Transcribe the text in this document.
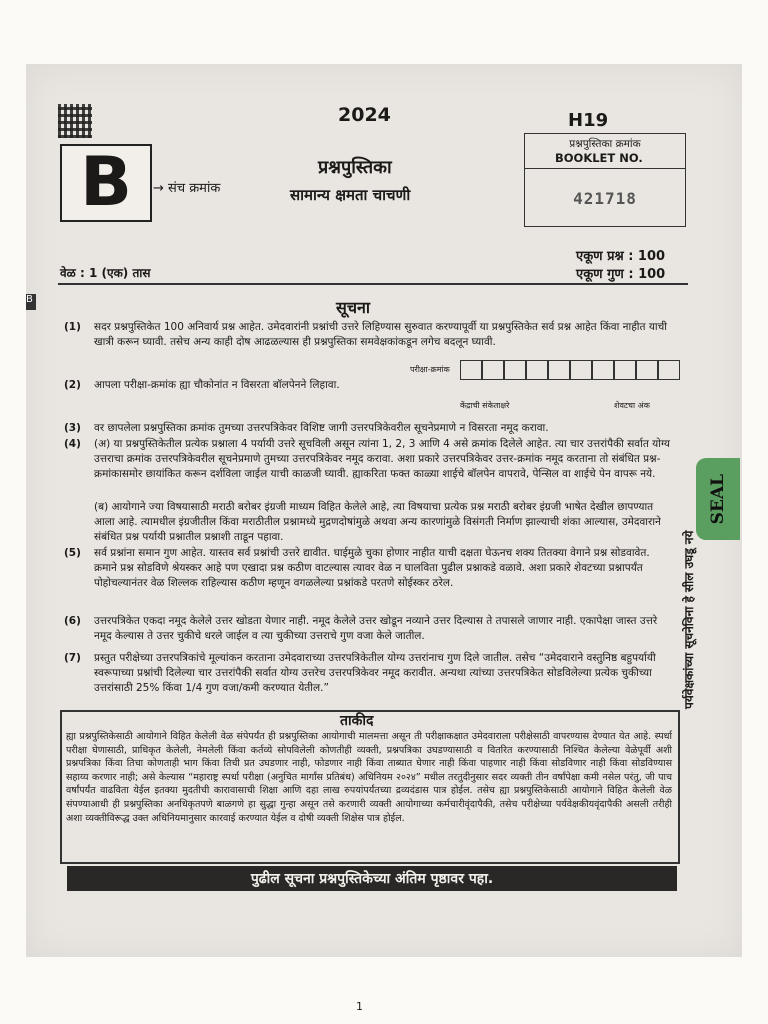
2024	H19
B → संच क्रमांक
प्रश्नपुस्तिका
सामान्य क्षमता चाचणी
प्रश्नपुस्तिका क्रमांक
BOOKLET NO.
421718
एकूण प्रश्न : 100
एकूण गुण : 100
वेळ : 1 (एक) तास
B	सूचना
(1) सदर प्रश्नपुस्तिकेत 100 अनिवार्य प्रश्न आहेत. उमेदवारांनी प्रश्नांची उत्तरे लिहिण्यास सुरुवात करण्यापूर्वी या प्रश्नपुस्तिकेत सर्व प्रश्न आहेत किंवा नाहीत याची खात्री करून घ्यावी. तसेच अन्य काही दोष आढळल्यास ही प्रश्नपुस्तिका समवेक्षकांकडून लगेच बदलून घ्यावी.
(2) आपला परीक्षा-क्रमांक ह्या चौकोनांत न विसरता बॉलपेनने लिहावा.
परीक्षा-क्रमांक
केंद्राची संकेताक्षरे	शेवटचा अंक
(3) वर छापलेला प्रश्नपुस्तिका क्रमांक तुमच्या उत्तरपत्रिकेवर विशिष्ट जागी उत्तरपत्रिकेवरील सूचनेप्रमाणे न विसरता नमूद करावा.
(4) (अ) या प्रश्नपुस्तिकेतील प्रत्येक प्रश्नाला 4 पर्यायी उत्तरे सूचविली असून त्यांना 1, 2, 3 आणि 4 असे क्रमांक दिलेले आहेत. त्या चार उत्तरांपैकी सर्वात योग्य उत्तराचा क्रमांक उत्तरपत्रिकेवरील सूचनेप्रमाणे तुमच्या उत्तरपत्रिकेवर नमूद करावा. अशा प्रकारे उत्तरपत्रिकेवर उत्तर-क्रमांक नमूद करताना तो संबंधित प्रश्न-क्रमांकासमोर छायांकित करून दर्शविला जाईल याची काळजी घ्यावी. ह्याकरिता फक्त काळ्या शाईचे बॉलपेन वापरावे, पेन्सिल वा शाईचे पेन वापरू नये.
(ब) आयोगाने ज्या विषयासाठी मराठी बरोबर इंग्रजी माध्यम विहित केलेले आहे, त्या विषयाचा प्रत्येक प्रश्न मराठी बरोबर इंग्रजी भाषेत देखील छापण्यात आला आहे. त्यामधील इंग्रजीतील किंवा मराठीतील प्रश्नामध्ये मुद्रणदोषांमुळे अथवा अन्य कारणांमुळे विसंगती निर्माण झाल्याची शंका आल्यास, उमेदवाराने संबंधित प्रश्न पर्यायी प्रश्नातील प्रश्नाशी ताडून पहावा.
(5) सर्व प्रश्नांना समान गुण आहेत. यास्तव सर्व प्रश्नांची उत्तरे द्यावीत. घाईमुळे चुका होणार नाहीत याची दक्षता घेऊनच शक्य तितक्या वेगाने प्रश्न सोडवावेत. क्रमाने प्रश्न सोडविणे श्रेयस्कर आहे पण एखादा प्रश्न कठीण वाटल्यास त्यावर वेळ न घालविता पुढील प्रश्नाकडे वळावे. अशा प्रकारे शेवटच्या प्रश्नापर्यंत पोहोचल्यानंतर वेळ शिल्लक राहिल्यास कठीण म्हणून वगळलेल्या प्रश्नांकडे परतणे सोईस्कर ठरेल.
(6) उत्तरपत्रिकेत एकदा नमूद केलेले उत्तर खोडता येणार नाही. नमूद केलेले उत्तर खोडून नव्याने उत्तर दिल्यास ते तपासले जाणार नाही. एकापेक्षा जास्त उत्तरे नमूद केल्यास ते उत्तर चुकीचे धरले जाईल व त्या चुकीच्या उत्तराचे गुण वजा केले जातील.
(7) प्रस्तुत परीक्षेच्या उत्तरपत्रिकांचे मूल्यांकन करताना उमेदवाराच्या उत्तरपत्रिकेतील योग्य उत्तरांनाच गुण दिले जातील. तसेच “उमेदवाराने वस्तुनिष्ठ बहुपर्यायी स्वरूपाच्या प्रश्नांची दिलेल्या चार उत्तरांपैकी सर्वात योग्य उत्तरेच उत्तरपत्रिकेवर नमूद करावीत. अन्यथा त्यांच्या उत्तरपत्रिकेत सोडविलेल्या प्रत्येक चुकीच्या उत्तरांसाठी 25% किंवा 1/4 गुण वजा/कमी करण्यात येतील.”
SEAL
पर्यवेक्षकांच्या सूचनेविना हे सील उघडू नये
ताकीद
ह्या प्रश्नपुस्तिकेसाठी आयोगाने विहित केलेली वेळ संपेपर्यंत ही प्रश्नपुस्तिका आयोगाची मालमत्ता असून ती परीक्षाकक्षात उमेदवाराला परीक्षेसाठी वापरण्यास देण्यात येत आहे. स्पर्धा परीक्षा घेणासाठी, प्राधिकृत केलेली, नेमलेली किंवा कर्तव्ये सोपविलेली कोणतीही व्यक्ती, प्रश्नपत्रिका उघडण्यासाठी व वितरित करण्यासाठी निश्चित केलेल्या वेळेपूर्वी अशी प्रश्नपत्रिका किंवा तिचा कोणताही भाग किंवा तिची प्रत उघडणार नाही, फोडणार नाही किंवा ताब्यात घेणार नाही किंवा पाहणार नाही किंवा सोडविणार नाही किंवा सोडविण्यास सहाय्य करणार नाही; असे केल्यास “महाराष्ट्र स्पर्धा परीक्षा (अनुचित मार्गांस प्रतिबंध) अधिनियम २०२४” मधील तरतुदीनुसार सदर व्यक्ती तीन वर्षांपेक्षा कमी नसेल परंतु, जी पाच वर्षांपर्यंत वाढविता येईल इतक्या मुदतीची कारावासाची शिक्षा आणि दहा लाख रुपयांपर्यंतच्या द्रव्यदंडास पात्र होईल. तसेच ह्या प्रश्नपुस्तिकेसाठी आयोगाने विहित केलेली वेळ संपण्याआधी ही प्रश्नपुस्तिका अनधिकृतपणे बाळगणे हा सुद्धा गुन्हा असून तसे करणारी व्यक्ती आयोगाच्या कर्मचारीवृंदापैकी, तसेच परीक्षेच्या पर्यवेक्षकीयवृंदापैकी असली तरीही अशा व्यक्तीविरूद्ध उक्त अधिनियमानुसार कारवाई करण्यात येईल व दोषी व्यक्ती शिक्षेस पात्र होईल.
पुढील सूचना प्रश्नपुस्तिकेच्या अंतिम पृष्ठावर पहा.
1
